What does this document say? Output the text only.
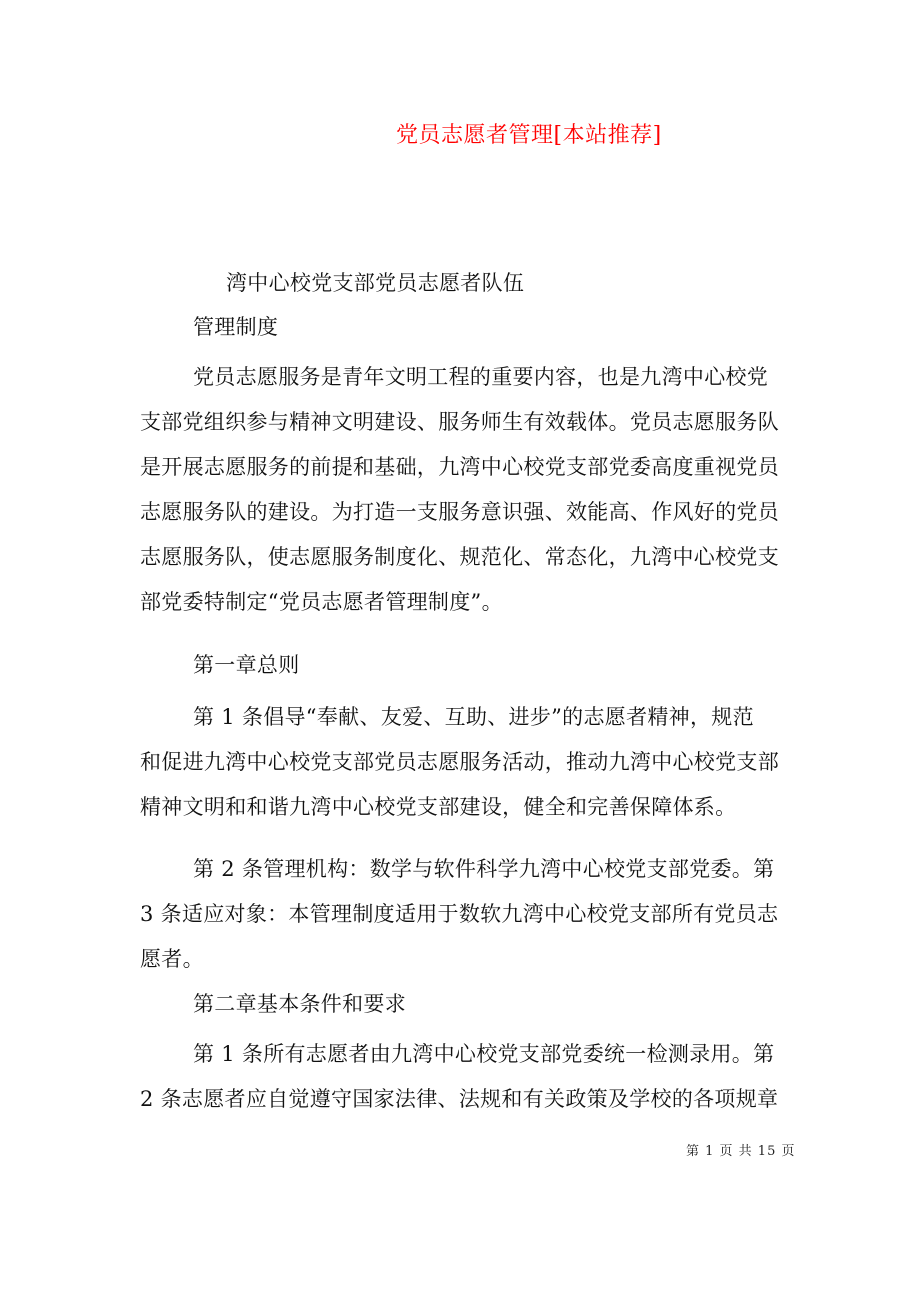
党员志愿者管理[本站推荐]
湾中心校党支部党员志愿者队伍
管理制度
党员志愿服务是青年文明工程的重要内容，也是九湾中心校党
支部党组织参与精神文明建设、服务师生有效载体。党员志愿服务队
是开展志愿服务的前提和基础，九湾中心校党支部党委高度重视党员
志愿服务队的建设。为打造一支服务意识强、效能高、作风好的党员
志愿服务队，使志愿服务制度化、规范化、常态化，九湾中心校党支
部党委特制定“党员志愿者管理制度”。
第一章总则
第 1 条倡导“奉献、友爱、互助、进步”的志愿者精神，规范
和促进九湾中心校党支部党员志愿服务活动，推动九湾中心校党支部
精神文明和和谐九湾中心校党支部建设，健全和完善保障体系。
第 2 条管理机构：数学与软件科学九湾中心校党支部党委。第
3 条适应对象：本管理制度适用于数软九湾中心校党支部所有党员志
愿者。
第二章基本条件和要求
第 1 条所有志愿者由九湾中心校党支部党委统一检测录用。第
2 条志愿者应自觉遵守国家法律、法规和有关政策及学校的各项规章
第 1 页 共 15 页
